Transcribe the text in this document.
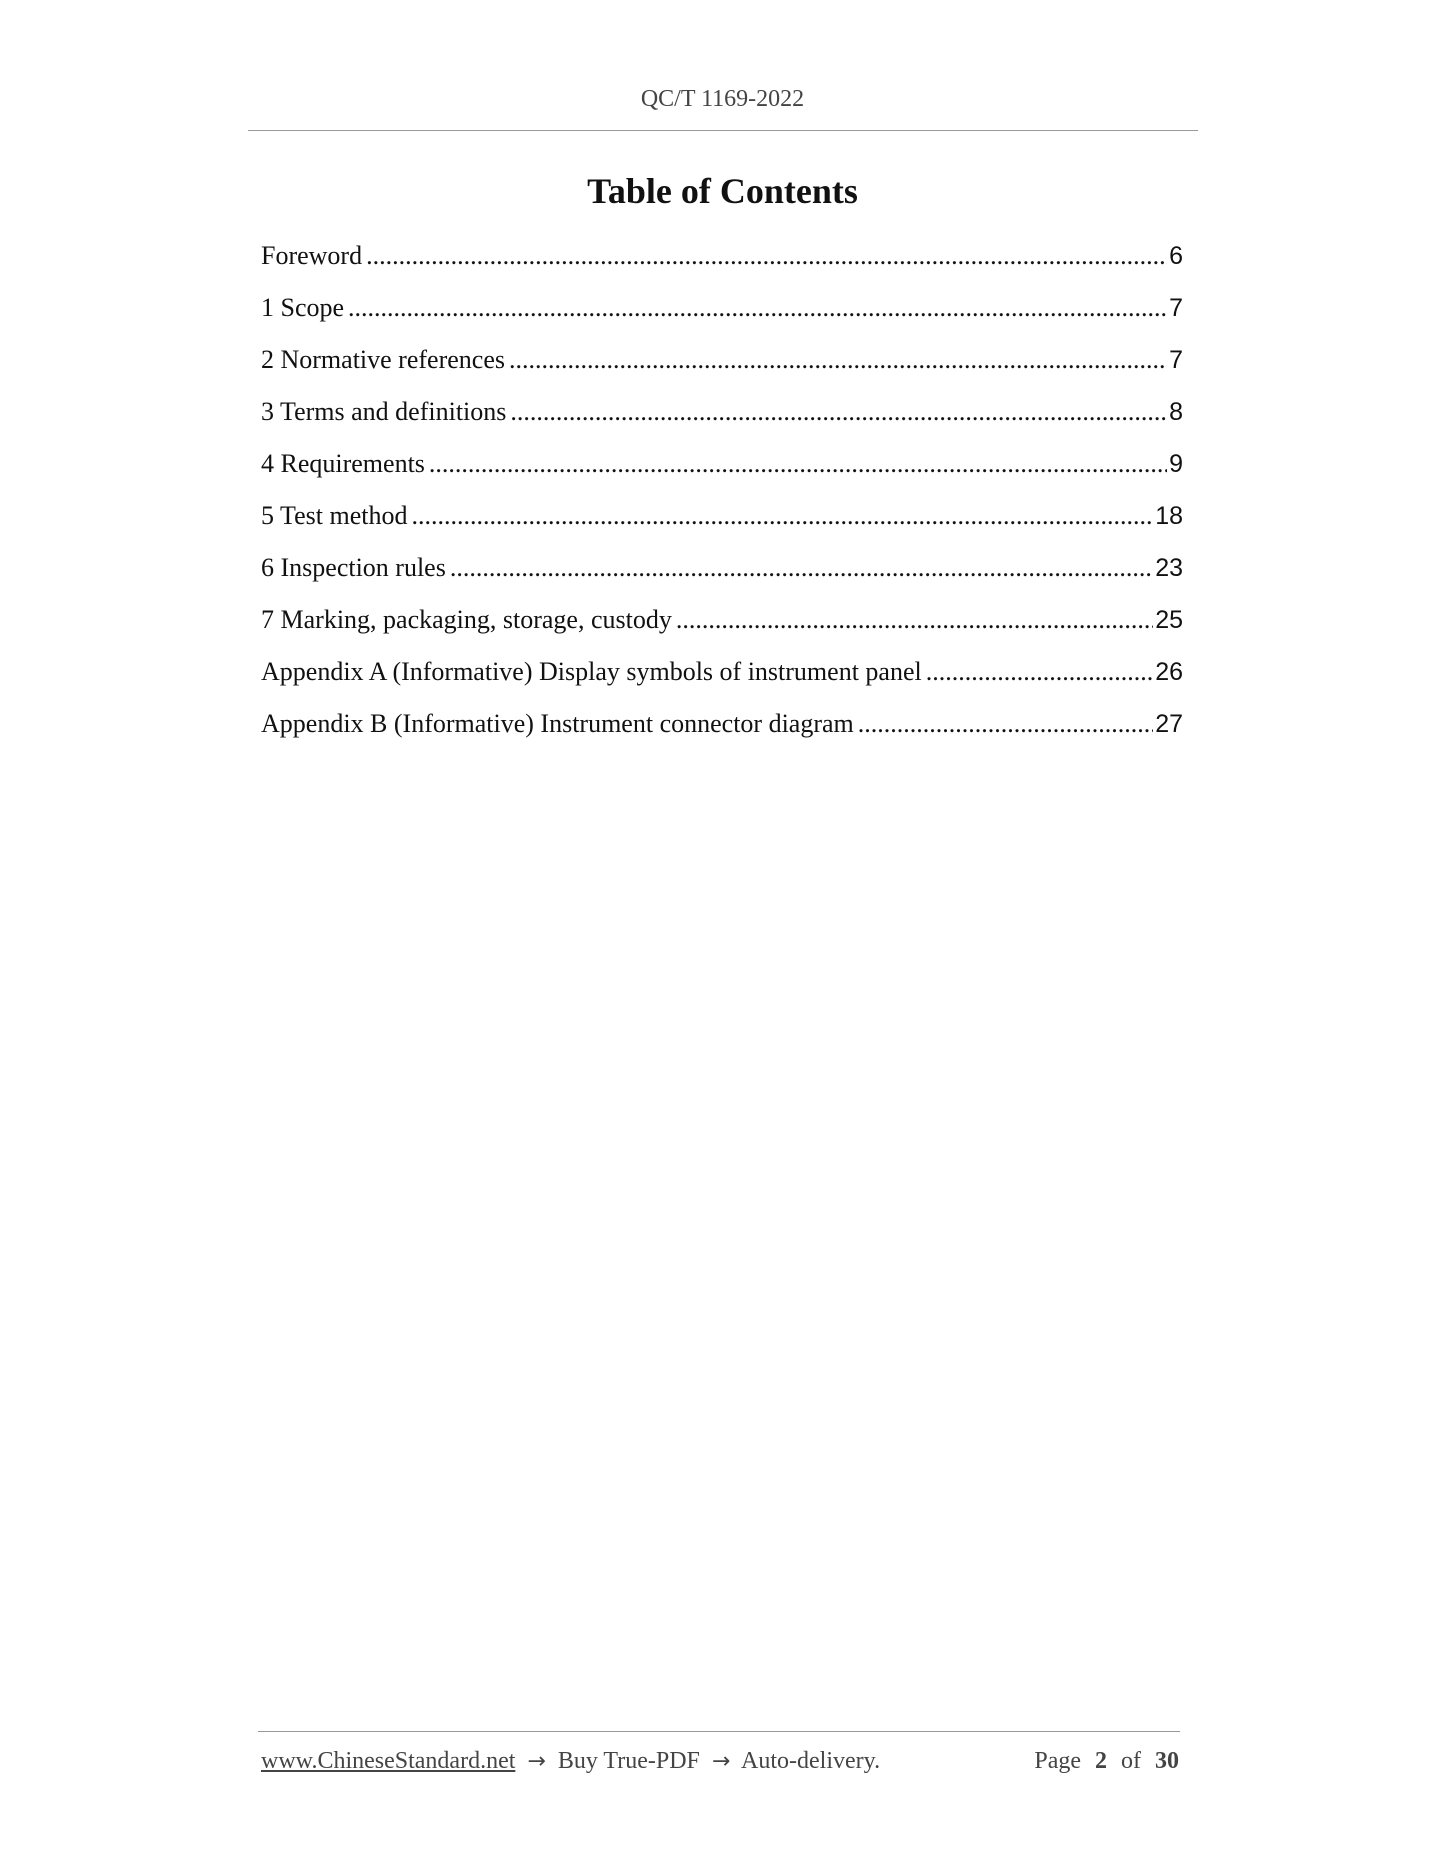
QC/T 1169-2022
Table of Contents
Foreword .....	6
1 Scope .....	7
2 Normative references .....	7
3 Terms and definitions .....	8
4 Requirements .....	9
5 Test method .....	18
6 Inspection rules .....	23
7 Marking, packaging, storage, custody .....	25
Appendix A (Informative) Display symbols of instrument panel .....	26
Appendix B (Informative) Instrument connector diagram .....	27
www.ChineseStandard.net → Buy True-PDF → Auto-delivery.	Page 2 of 30
